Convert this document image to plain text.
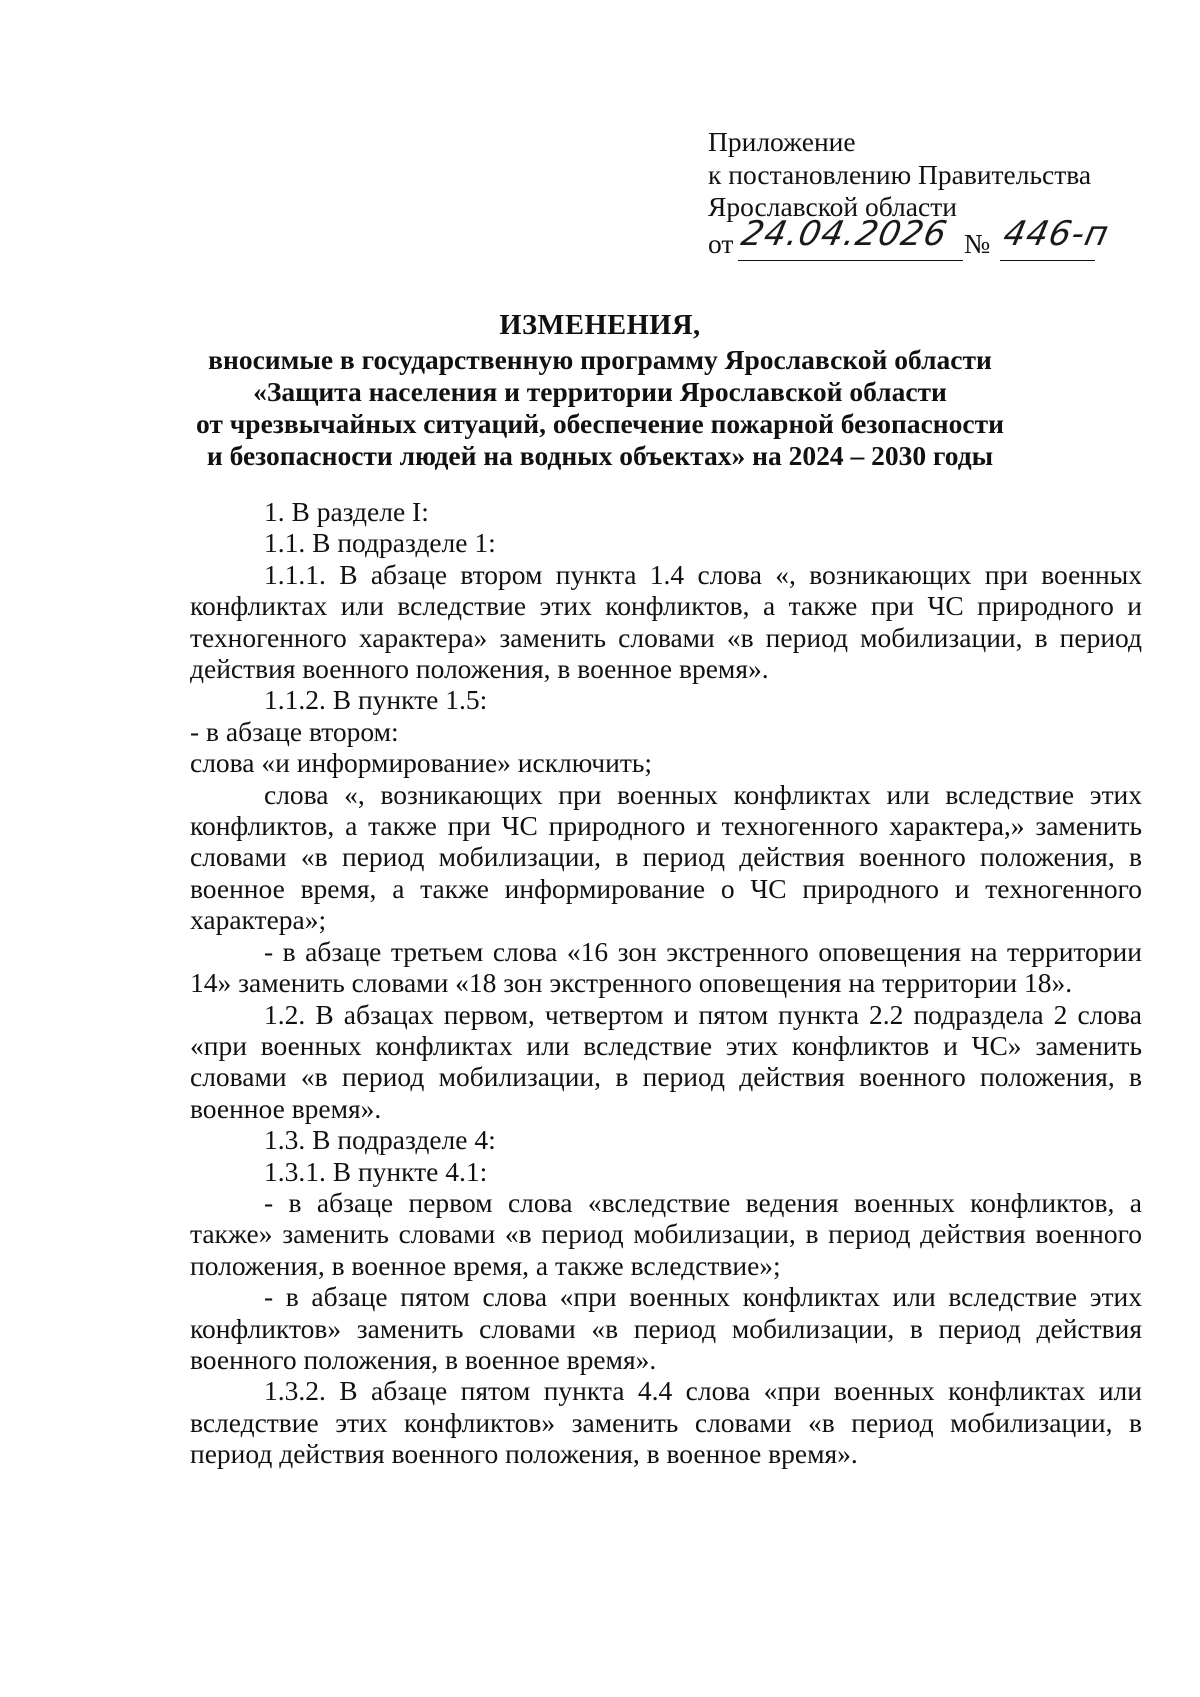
Приложение
к постановлению Правительства
Ярославской области
от 24.04.2026 № 446-п
ИЗМЕНЕНИЯ,
вносимые в государственную программу Ярославской области
«Защита населения и территории Ярославской области
от чрезвычайных ситуаций, обеспечение пожарной безопасности
и безопасности людей на водных объектах» на 2024 – 2030 годы

1. В разделе I:

1.1. В подразделе 1:

1.1.1. В абзаце втором пункта 1.4 слова «, возникающих при военных конфликтах или вследствие этих конфликтов, а также при ЧС природного и техногенного характера» заменить словами «в период мобилизации, в период действия военного положения, в военное время».

1.1.2. В пункте 1.5:

- в абзаце втором:

слова «и информирование» исключить;

слова «, возникающих при военных конфликтах или вследствие этих конфликтов, а также при ЧС природного и техногенного характера,» заменить словами «в период мобилизации, в период действия военного положения, в военное время, а также информирование о ЧС природного и техногенного характера»;

- в абзаце третьем слова «16 зон экстренного оповещения на территории 14» заменить словами «18 зон экстренного оповещения на территории 18».

1.2. В абзацах первом, четвертом и пятом пункта 2.2 подраздела 2 слова «при военных конфликтах или вследствие этих конфликтов и ЧС» заменить словами «в период мобилизации, в период действия военного положения, в военное время».

1.3. В подразделе 4:

1.3.1. В пункте 4.1:

- в абзаце первом слова «вследствие ведения военных конфликтов, а также» заменить словами «в период мобилизации, в период действия военного положения, в военное время, а также вследствие»;

- в абзаце пятом слова «при военных конфликтах или вследствие этих конфликтов» заменить словами «в период мобилизации, в период действия военного положения, в военное время».

1.3.2. В абзаце пятом пункта 4.4 слова «при военных конфликтах или вследствие этих конфликтов» заменить словами «в период мобилизации, в период действия военного положения, в военное время».
